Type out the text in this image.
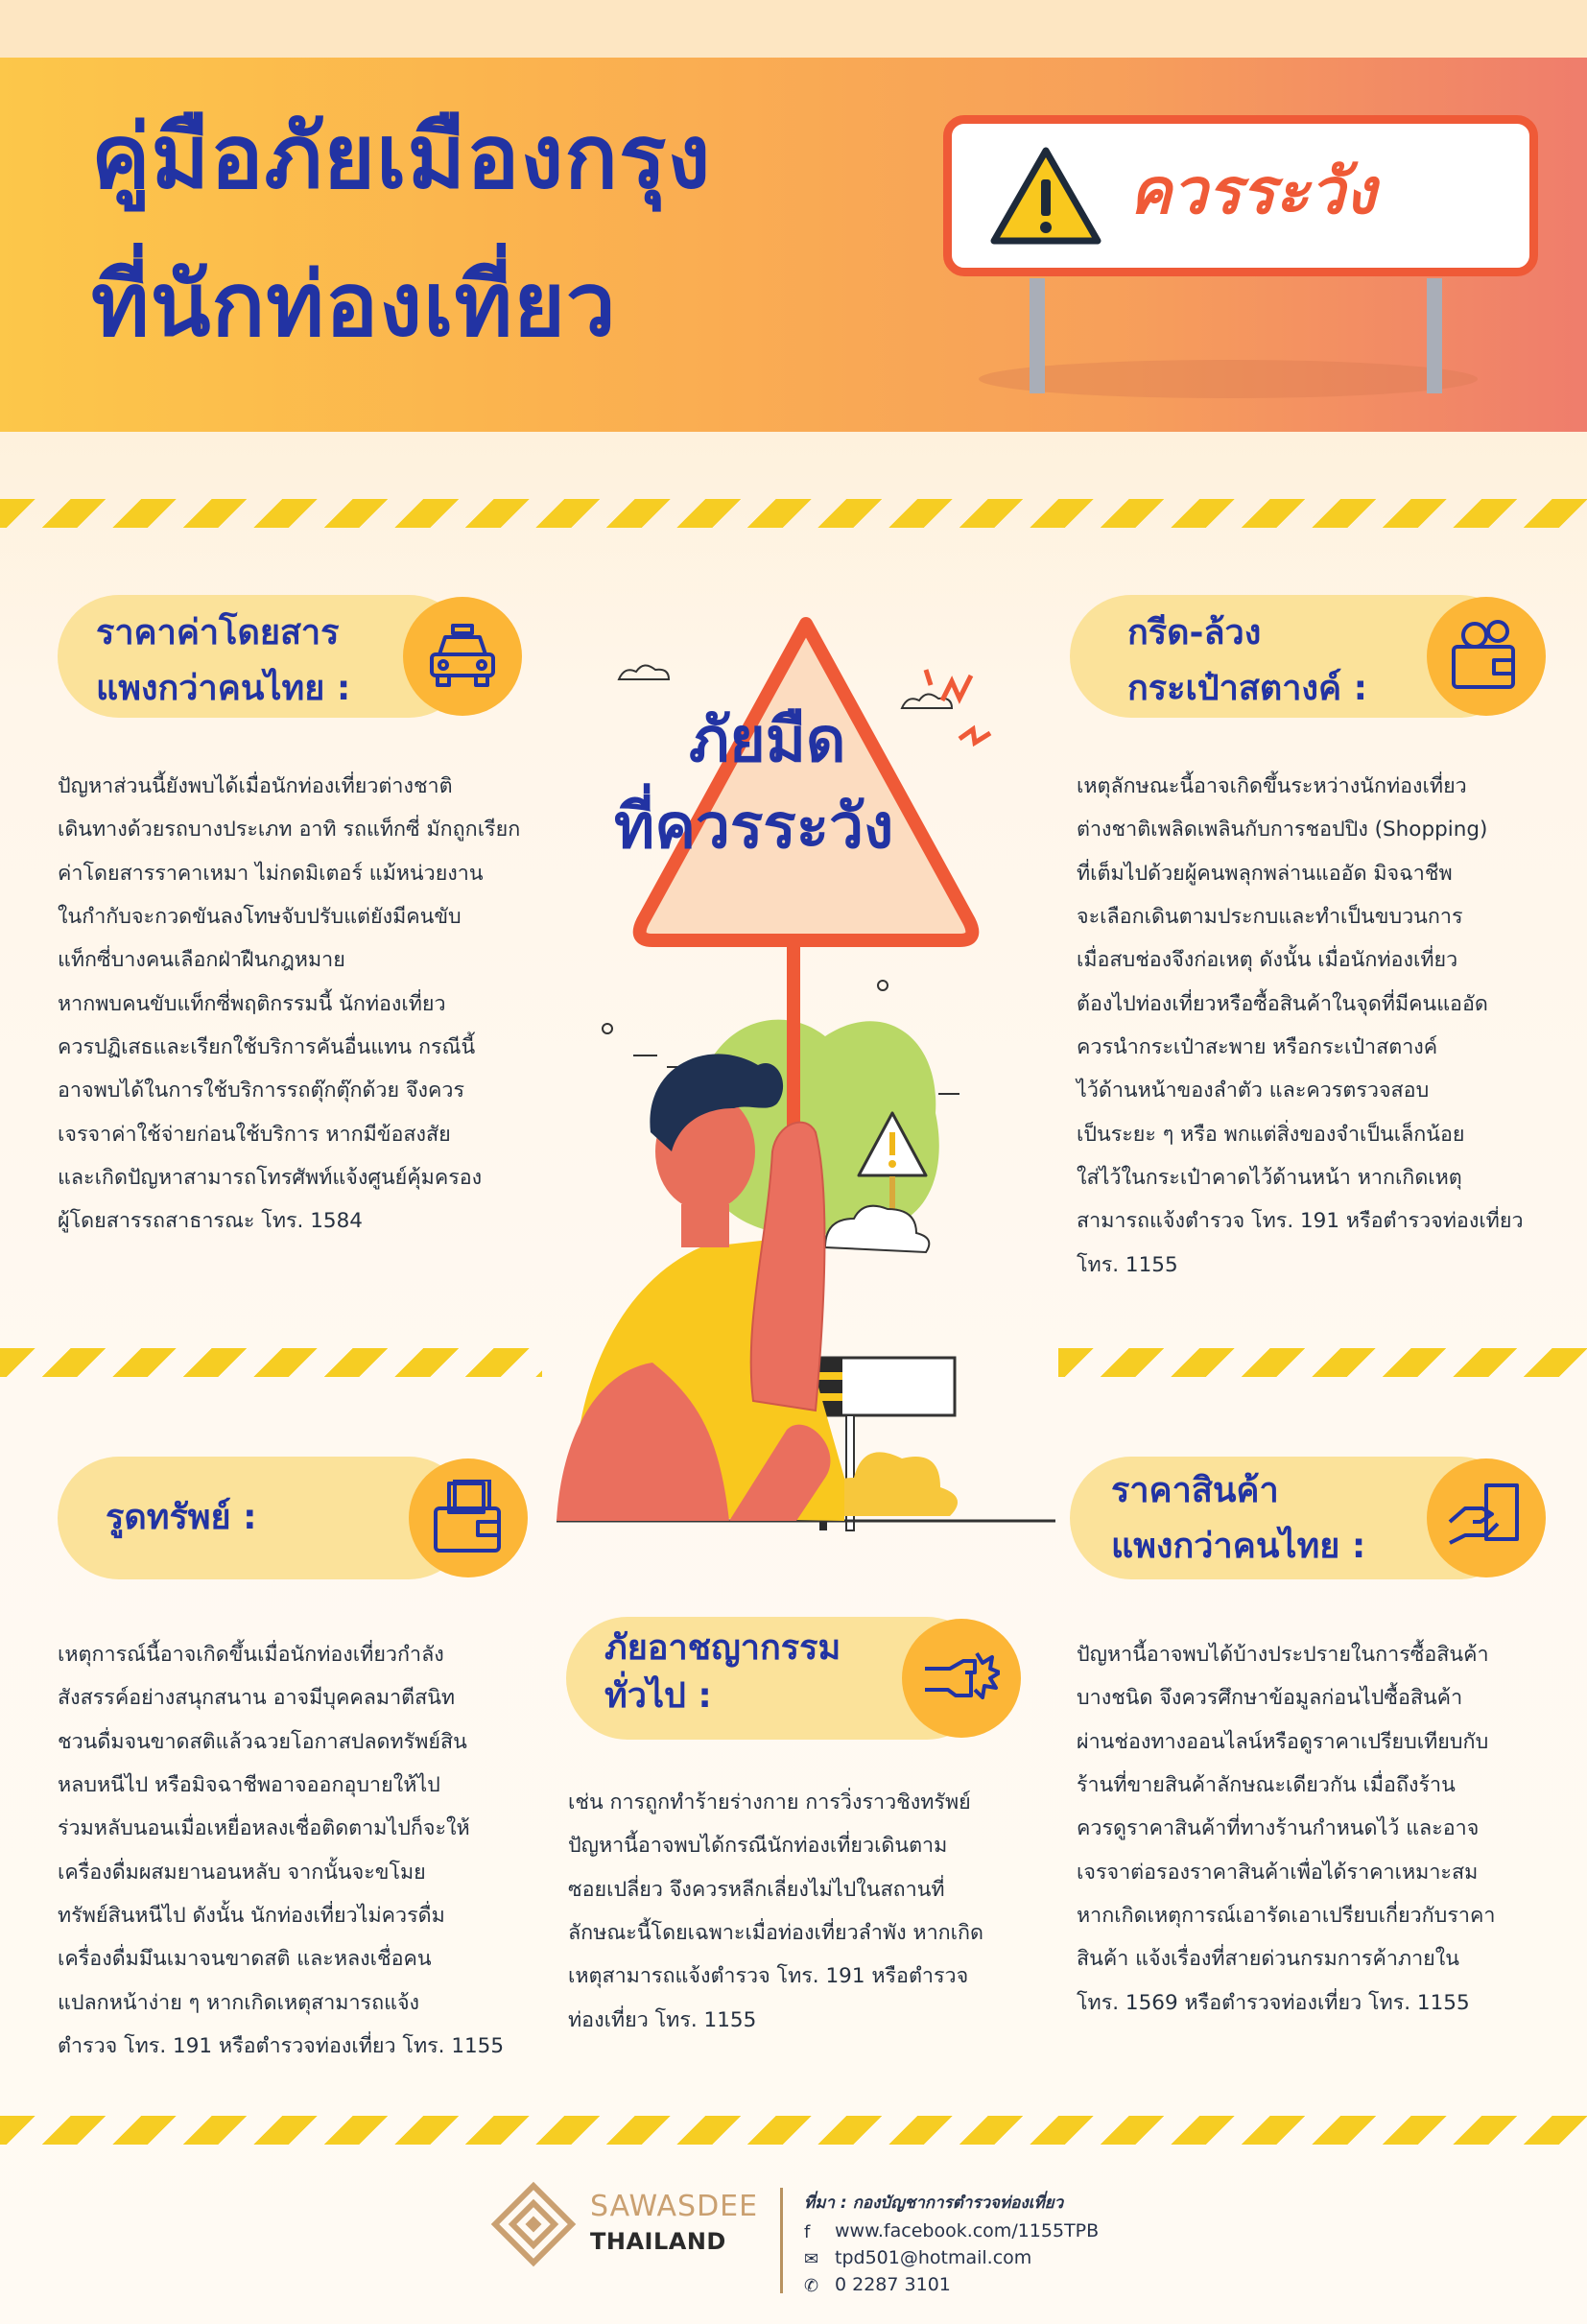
คู่มือภัยเมืองกรุง
ที่นักท่องเที่ยว
ควรระวัง
ภัยมืด
ที่ควรระวัง
ราคาค่าโดยสาร
แพงกว่าคนไทย :

ปัญหาส่วนนี้ยังพบได้เมื่อนักท่องเที่ยวต่างชาติ

เดินทางด้วยรถบางประเภท อาทิ รถแท็กซี่ มักถูกเรียก

ค่าโดยสารราคาเหมา ไม่กดมิเตอร์ แม้หน่วยงาน

ในกำกับจะกวดขันลงโทษจับปรับแต่ยังมีคนขับ

แท็กซี่บางคนเลือกฝ่าฝืนกฎหมาย

หากพบคนขับแท็กซี่พฤติกรรมนี้ นักท่องเที่ยว

ควรปฏิเสธและเรียกใช้บริการคันอื่นแทน กรณีนี้

อาจพบได้ในการใช้บริการรถตุ๊กตุ๊กด้วย จึงควร

เจรจาค่าใช้จ่ายก่อนใช้บริการ หากมีข้อสงสัย

และเกิดปัญหาสามารถโทรศัพท์แจ้งศูนย์คุ้มครอง

ผู้โดยสารรถสาธารณะ โทร. 1584

กรีด-ล้วง
กระเป๋าสตางค์ :

เหตุลักษณะนี้อาจเกิดขึ้นระหว่างนักท่องเที่ยว

ต่างชาติเพลิดเพลินกับการชอปปิง (Shopping)

ที่เต็มไปด้วยผู้คนพลุกพล่านแออัด มิจฉาชีพ

จะเลือกเดินตามประกบและทำเป็นขบวนการ

เมื่อสบช่องจึงก่อเหตุ ดังนั้น เมื่อนักท่องเที่ยว

ต้องไปท่องเที่ยวหรือซื้อสินค้าในจุดที่มีคนแออัด

ควรนำกระเป๋าสะพาย หรือกระเป๋าสตางค์

ไว้ด้านหน้าของลำตัว และควรตรวจสอบ

เป็นระยะ ๆ หรือ พกแต่สิ่งของจำเป็นเล็กน้อย

ใส่ไว้ในกระเป๋าคาดไว้ด้านหน้า หากเกิดเหตุ

สามารถแจ้งตำรวจ โทร. 191 หรือตำรวจท่องเที่ยว

โทร. 1155

รูดทรัพย์ :

เหตุการณ์นี้อาจเกิดขึ้นเมื่อนักท่องเที่ยวกำลัง

สังสรรค์อย่างสนุกสนาน อาจมีบุคคลมาตีสนิท

ชวนดื่มจนขาดสติแล้วฉวยโอกาสปลดทรัพย์สิน

หลบหนีไป หรือมิจฉาชีพอาจออกอุบายให้ไป

ร่วมหลับนอนเมื่อเหยื่อหลงเชื่อติดตามไปก็จะให้

เครื่องดื่มผสมยานอนหลับ จากนั้นจะขโมย

ทรัพย์สินหนีไป ดังนั้น นักท่องเที่ยวไม่ควรดื่ม

เครื่องดื่มมึนเมาจนขาดสติ และหลงเชื่อคน

แปลกหน้าง่าย ๆ หากเกิดเหตุสามารถแจ้ง

ตำรวจ โทร. 191 หรือตำรวจท่องเที่ยว โทร. 1155

ภัยอาชญากรรม
ทั่วไป :

เช่น การถูกทำร้ายร่างกาย การวิ่งราวชิงทรัพย์

ปัญหานี้อาจพบได้กรณีนักท่องเที่ยวเดินตาม

ซอยเปลี่ยว จึงควรหลีกเลี่ยงไม่ไปในสถานที่

ลักษณะนี้โดยเฉพาะเมื่อท่องเที่ยวลำพัง หากเกิด

เหตุสามารถแจ้งตำรวจ โทร. 191 หรือตำรวจ

ท่องเที่ยว โทร. 1155

ราคาสินค้า
แพงกว่าคนไทย :

ปัญหานี้อาจพบได้บ้างประปรายในการซื้อสินค้า

บางชนิด จึงควรศึกษาข้อมูลก่อนไปซื้อสินค้า

ผ่านช่องทางออนไลน์หรือดูราคาเปรียบเทียบกับ

ร้านที่ขายสินค้าลักษณะเดียวกัน เมื่อถึงร้าน

ควรดูราคาสินค้าที่ทางร้านกำหนดไว้ และอาจ

เจรจาต่อรองราคาสินค้าเพื่อได้ราคาเหมาะสม

หากเกิดเหตุการณ์เอารัดเอาเปรียบเกี่ยวกับราคา

สินค้า แจ้งเรื่องที่สายด่วนกรมการค้าภายใน

โทร. 1569 หรือตำรวจท่องเที่ยว โทร. 1155

SAWASDEE
THAILAND
ที่มา : กองบัญชาการตำรวจท่องเที่ยว
f www.facebook.com/1155TPB
✉ tpd501@hotmail.com
✆ 0 2287 3101
